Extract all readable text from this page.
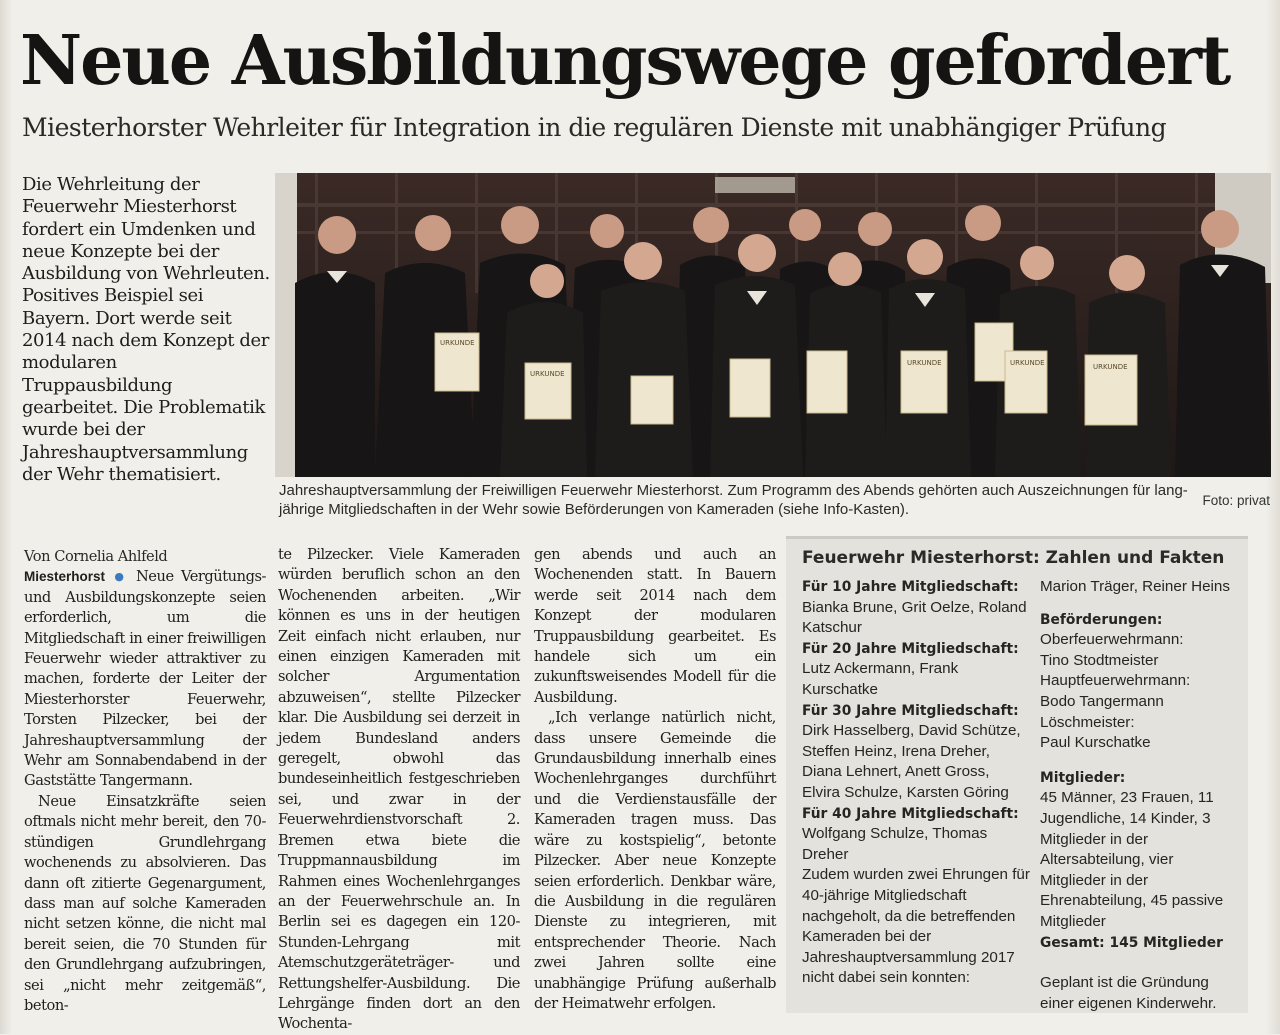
Neue Ausbildungswege gefordert
Miesterhorster Wehrleiter für Integration in die regulären Dienste mit unabhängiger Prüfung
Die Wehrleitung der Feuerwehr Miesterhorst fordert ein Umdenken und neue Konzepte bei der Ausbildung von Wehrleuten. Positives Beispiel sei Bayern. Dort werde seit 2014 nach dem Konzept der modularen Truppausbildung gearbeitet. Die Problematik wurde bei der Jahreshauptversammlung der Wehr thematisiert.
URKUNDE
URKUNDE
URKUNDE	URKUNDE	URKUNDE
Jahreshauptversammlung der Freiwilligen Feuerwehr Miesterhorst. Zum Programm des Abends gehörten auch Auszeichnungen für lang-
jährige Mitgliedschaften in der Wehr sowie Beförderungen von Kameraden (siehe Info-Kasten).
Foto: privat

Von Cornelia Ahlfeld

Miesterhorst ● Neue Vergütungs- und Ausbildungskonzepte seien erforderlich, um die Mitgliedschaft in einer freiwilligen Feuerwehr wieder attraktiver zu machen, forderte der Leiter der Miesterhorster Feuerwehr, Torsten Pilzecker, bei der Jahreshauptversammlung der Wehr am Sonnabendabend in der Gaststätte Tangermann.

Neue Einsatzkräfte seien oftmals nicht mehr bereit, den 70-stündigen Grundlehrgang wochenends zu absolvieren. Das dann oft zitierte Gegenargument, dass man auf solche Kameraden nicht setzen könne, die nicht mal bereit seien, die 70 Stunden für den Grundlehrgang aufzubringen, sei „nicht mehr zeitgemäß“, beton-

te Pilzecker. Viele Kameraden würden beruflich schon an den Wochenenden arbeiten. „Wir können es uns in der heutigen Zeit einfach nicht erlauben, nur einen einzigen Kameraden mit solcher Argumentation abzuweisen“, stellte Pilzecker klar. Die Ausbildung sei derzeit in jedem Bundesland anders geregelt, obwohl das bundeseinheitlich festgeschrieben sei, und zwar in der Feuerwehrdienstvorschaft 2. Bremen etwa biete die Truppmannausbildung im Rahmen eines Wochenlehrganges an der Feuerwehrschule an. In Berlin sei es dagegen ein 120-Stunden-Lehrgang mit Atemschutzgeräteträger- und Rettungshelfer-Ausbildung. Die Lehrgänge finden dort an den Wochenta-

gen abends und auch an Wochenenden statt. In Bauern werde seit 2014 nach dem Konzept der modularen Truppausbildung gearbeitet. Es handele sich um ein zukunftsweisendes Modell für die Ausbildung.

„Ich verlange natürlich nicht, dass unsere Gemeinde die Grundausbildung innerhalb eines Wochenlehrganges durchführt und die Verdienstausfälle der Kameraden tragen muss. Das wäre zu kostspielig“, betonte Pilzecker. Aber neue Konzepte seien erforderlich. Denkbar wäre, die Ausbildung in die regulären Dienste zu integrieren, mit entsprechender Theorie. Nach zwei Jahren sollte eine unabhängige Prüfung außerhalb der Heimatwehr erfolgen.

Feuerwehr Miesterhorst: Zahlen und Fakten

Für 10 Jahre Mitgliedschaft:

Bianka Brune, Grit Oelze, Roland Katschur

Für 20 Jahre Mitgliedschaft:

Lutz Ackermann, Frank Kurschatke

Für 30 Jahre Mitgliedschaft:

Dirk Hasselberg, David Schütze, Steffen Heinz, Irena Dreher, Diana Lehnert, Anett Gross, Elvira Schulze, Karsten Göring

Für 40 Jahre Mitgliedschaft:

Wolfgang Schulze, Thomas Dreher

Zudem wurden zwei Ehrungen für 40-jährige Mitgliedschaft nachgeholt, da die betreffenden Kameraden bei der Jahreshauptversammlung 2017 nicht dabei sein konnten:

Marion Träger, Reiner Heins

Beförderungen:

Oberfeuerwehrmann:

Tino Stodtmeister

Hauptfeuerwehrmann:

Bodo Tangermann

Löschmeister:

Paul Kurschatke

Mitglieder:

45 Männer, 23 Frauen, 11 Jugendliche, 14 Kinder, 3 Mitglieder in der Altersabteilung, vier Mitglieder in der Ehrenabteilung, 45 passive Mitglieder

Gesamt: 145 Mitglieder

Geplant ist die Gründung einer eigenen Kinderwehr.
